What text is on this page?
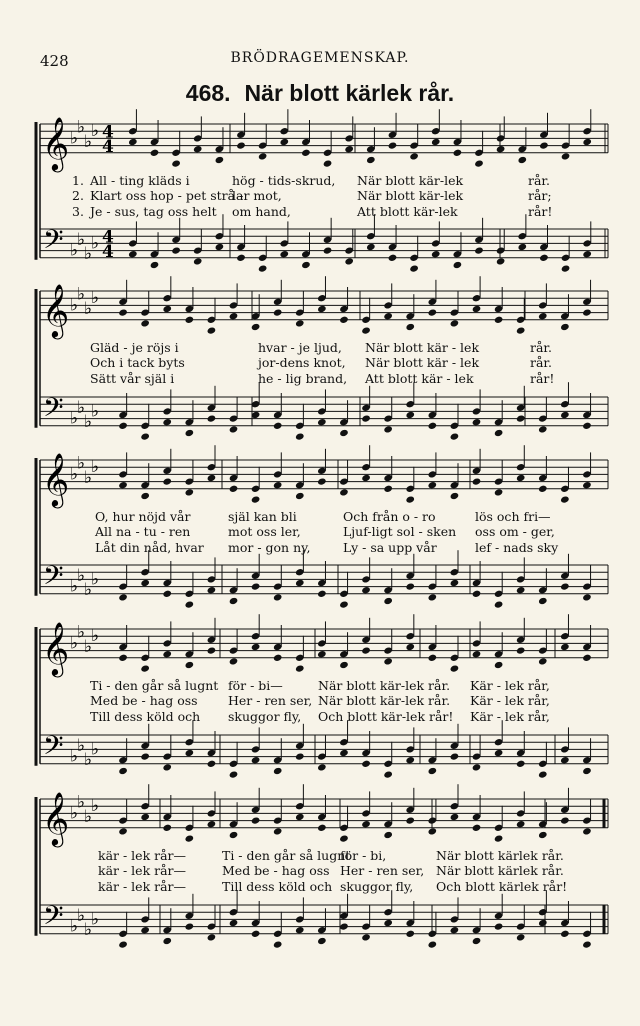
428	BRÖDRAGEMENSKAP.
468. När blott kärlek rår.
𝄞 ♭
♭
♭
♭
𝄢 ♭
♭
♭
♭
4
4
4
4
𝄞 ♭
♭
♭
♭
𝄢 ♭
♭
♭
♭
𝄞 ♭
♭
♭
♭
𝄢 ♭
♭
♭
♭
𝄞 ♭
♭
♭
♭
𝄢 ♭
♭
♭
♭
𝄞 ♭
♭
♭
♭
𝄢 ♭
♭
♭
♭
All - ting kläds i	hög - tids-skrud, När blott kär-lek	rår.
1.
Klart oss hop - pet strå -
lar mot,	När blott kär-lek	rår;
2.
Je - sus, tag oss helt om hand,	Att blott kär-lek	rår!
3.
Gläd - je röjs i	hvar - je ljud, När blott kär - lek	rår.
Och i tack byts	jor-dens knot, När blott kär - lek	rår.
Sätt vår själ i	he - lig brand, Att blott kär - lek	rår!
O, hur nöjd vår	själ kan bli	Och från o - ro	lös och fri—
All na - tu - ren	mot oss ler,	Ljuf-ligt sol - sken oss om - ger,
Låt din nåd, hvar mor - gon ny,	Ly - sa upp vår	lef - nads sky
Ti - den går så lugnt för - bi—	När blott kär-lek rår. Kär - lek rår,
Med be - hag oss Her - ren ser, När blott kär-lek rår. Kär - lek rår,
Till dess köld och skuggor fly, Och blott kär-lek rår! Kär - lek rår,
kär - lek rår—	Ti - den går så lugnt
för - bi,	När blott kärlek rår.
kär - lek rår—	Med be - hag oss Her - ren ser, När blott kärlek rår.
kär - lek rår—	Till dess köld och skuggor fly, Och blott kärlek rår!
